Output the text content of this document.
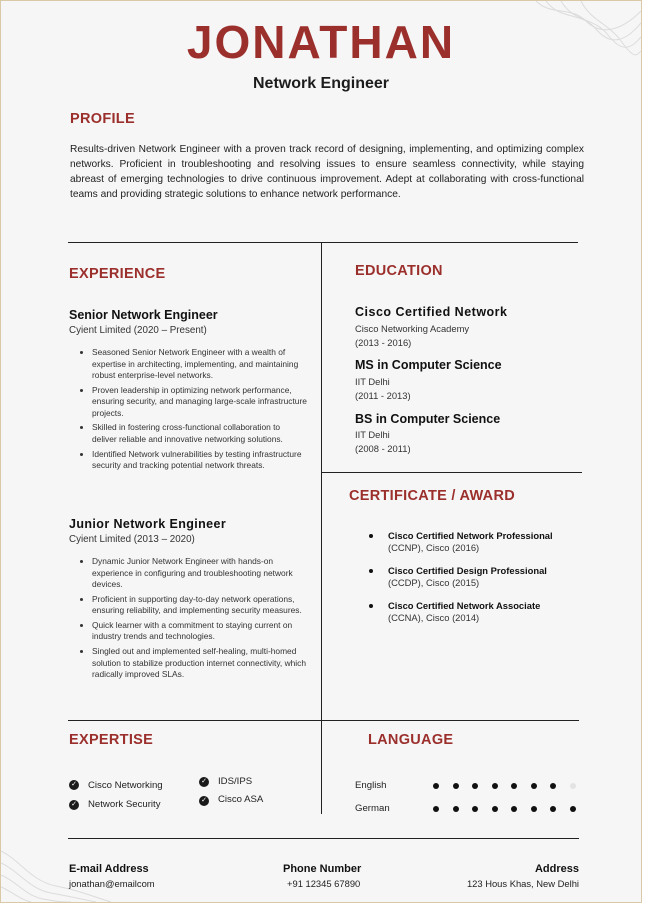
JONATHAN
Network Engineer
PROFILE
Results-driven Network Engineer with a proven track record of designing, implementing, and optimizing complex networks. Proficient in troubleshooting and resolving issues to ensure seamless connectivity, while staying abreast of emerging technologies to drive continuous improvement. Adept at collaborating with cross-functional teams and providing strategic solutions to enhance network performance.
EXPERIENCE
Senior Network Engineer
Cyient Limited (2020 – Present)
• Seasoned Senior Network Engineer with a wealth of expertise in architecting, implementing, and maintaining robust enterprise-level networks.
• Proven leadership in optimizing network performance, ensuring security, and managing large-scale infrastructure projects.
• Skilled in fostering cross-functional collaboration to deliver reliable and innovative networking solutions.
• Identified Network vulnerabilities by testing infrastructure security and tracking potential network threats.
Junior Network Engineer
Cyient Limited (2013 – 2020)
• Dynamic Junior Network Engineer with hands-on experience in configuring and troubleshooting network devices.
• Proficient in supporting day-to-day network operations, ensuring reliability, and implementing security measures.
• Quick learner with a commitment to staying current on industry trends and technologies.
• Singled out and implemented self-healing, multi-homed solution to stabilize production internet connectivity, which radically improved SLAs.
EDUCATION
Cisco Certified Network
Cisco Networking Academy
(2013 - 2016)
MS in Computer Science
IIT Delhi
(2011 - 2013)
BS in Computer Science
IIT Delhi
(2008 - 2011)
CERTIFICATE / AWARD
Cisco Certified Network Professional
(CCNP), Cisco (2016)
Cisco Certified Design Professional
(CCDP), Cisco (2015)
Cisco Certified Network Associate
(CCNA), Cisco (2014)
EXPERTISE
✓ Cisco Networking
✓ Network Security
✓ IDS/IPS
✓ Cisco ASA
LANGUAGE
English
German
E-mail Address
jonathan@emailcom
Phone Number
+91 12345 67890
Address
123 Hous Khas, New Delhi
